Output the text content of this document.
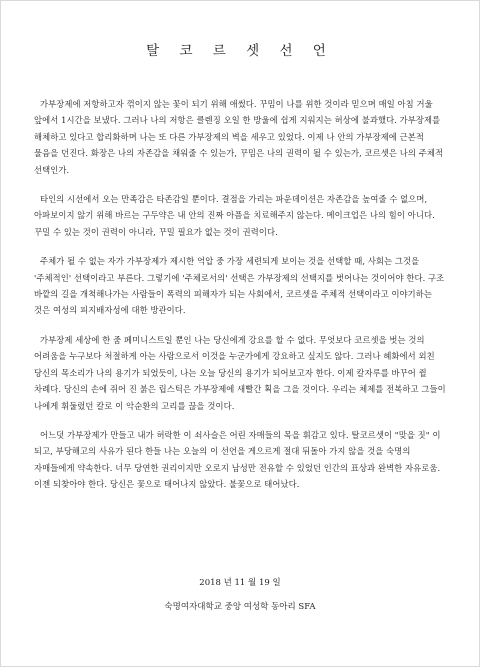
탈 코 르 셋 선 언

가부장제에 저항하고자 꺾이지 않는 꽃이 되기 위해 애썼다. 꾸밈이 나를 위한 것이라 믿으며 매일 아침 거울 앞에서 1시간을 보냈다. 그러나 나의 저항은 클렌징 오일 한 방울에 쉽게 지워지는 허상에 불과했다. 가부장제를 해체하고 있다고 합리화하며 나는 또 다른 가부장제의 벽을 세우고 있었다. 이제 나 안의 가부장제에 근본적 물음을 던진다. 화장은 나의 자존감을 채워줄 수 있는가, 꾸밈은 나의 권력이 될 수 있는가, 코르셋은 나의 주체적 선택인가.

타인의 시선에서 오는 만족감은 타존감일 뿐이다. 결점을 가리는 파운데이션은 자존감을 높여줄 수 없으며, 아파보이지 않기 위해 바르는 구두약은 내 안의 진짜 아픔을 치료해주지 않는다. 메이크업은 나의 힘이 아니다. 꾸밀 수 있는 것이 권력이 아니라, 꾸밀 필요가 없는 것이 권력이다.

주체가 될 수 없는 자가 가부장제가 제시한 억압 중 가장 세련되게 보이는 것을 선택할 때, 사회는 그것을 '주체적인' 선택이라고 부른다. 그렇기에 '주체로서의' 선택은 가부장제의 선택지를 벗어나는 것이어야 한다. 구조 바깥의 길을 개척해나가는 사람들이 폭력의 피해자가 되는 사회에서, 코르셋을 주체적 선택이라고 이야기하는 것은 여성의 피지배자성에 대한 방관이다.

가부장제 세상에 한 줌 페미니스트일 뿐인 나는 당신에게 강요를 할 수 없다. 무엇보다 코르셋을 벗는 것의 어려움을 누구보다 처절하게 아는 사람으로서 이것을 누군가에게 강요하고 싶지도 않다. 그러나 혜화에서 외친 당신의 목소리가 나의 용기가 되었듯이, 나는 오늘 당신의 용기가 되어보고자 한다. 이제 칼자루를 바꾸어 쥘 차례다. 당신의 손에 쥐어 진 붉은 립스틱은 가부장제에 새빨간 획을 그을 것이다. 우리는 체제를 전복하고 그들이 나에게 휘둘렀던 칼로 이 악순환의 고리를 끊을 것이다.

어느덧 가부장제가 만들고 내가 허락한 이 쇠사슬은 어린 자매들의 목을 휘감고 있다. 탈코르셋이 "맞을 짓" 이 되고, 부당해고의 사유가 된다 한들 나는 오늘의 이 선언을 게으르게 절대 뒤돌아 가지 않을 것을 숙명의 자매들에게 약속한다. 너무 당연한 권리이지만 오로지 남성만 전유할 수 있었던 인간의 표상과 완벽한 자유로움. 이젠 되찾아야 한다. 당신은 꽃으로 태어나지 않았다. 불꽃으로 태어났다.

2018 년 11 월 19 일
숙명여자대학교 중앙 여성학 동아리 SFA
